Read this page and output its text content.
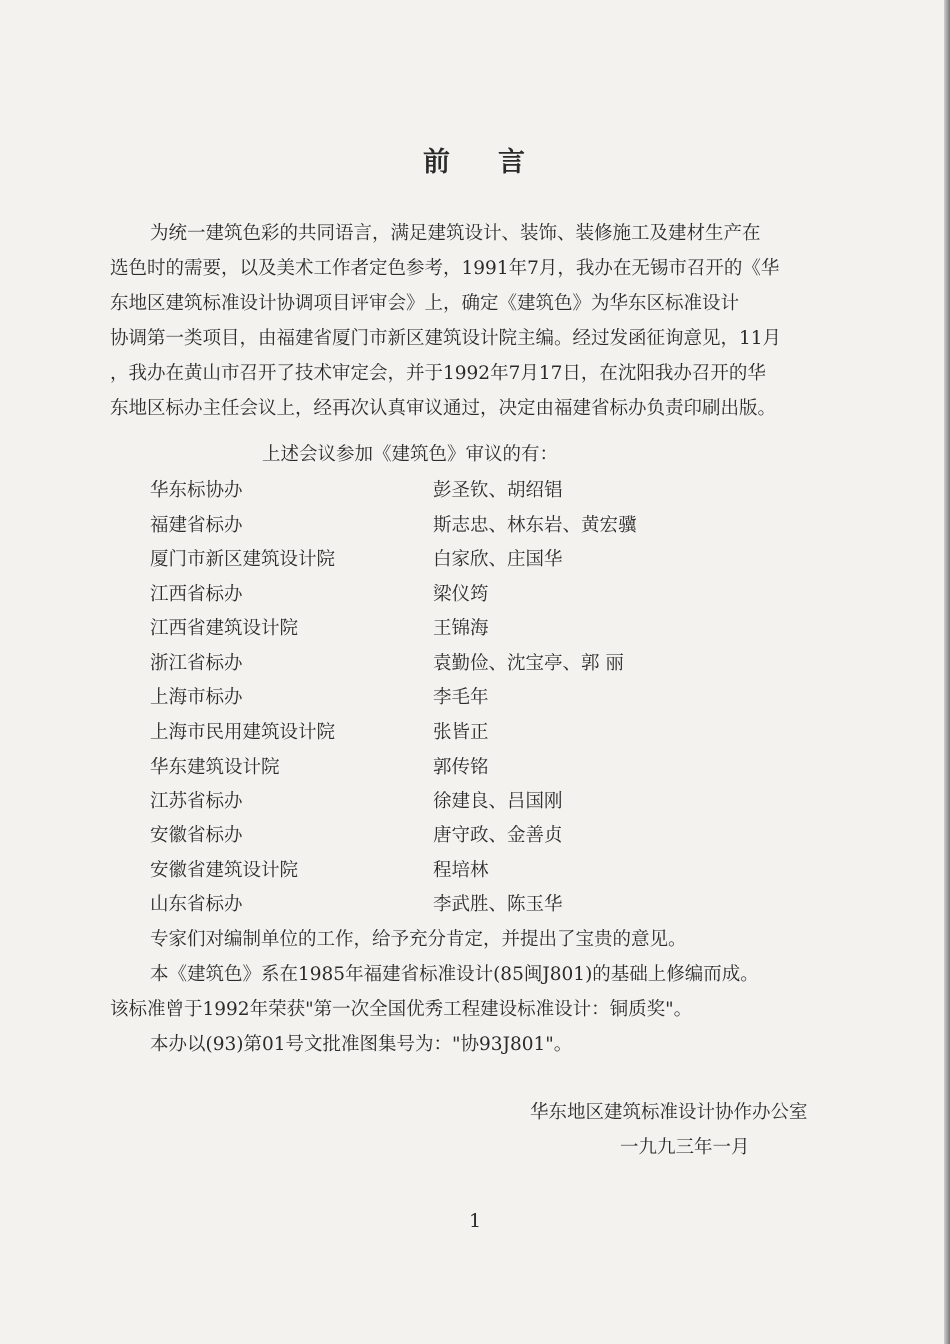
前 言
为统一建筑色彩的共同语言，满足建筑设计、装饰、装修施工及建材生产在
选色时的需要，以及美术工作者定色参考，1991年7月，我办在无锡市召开的《华
东地区建筑标准设计协调项目评审会》上，确定《建筑色》为华东区标准设计
协调第一类项目，由福建省厦门市新区建筑设计院主编。经过发函征询意见，11月
，我办在黄山市召开了技术审定会，并于1992年7月17日，在沈阳我办召开的华
东地区标办主任会议上，经再次认真审议通过，决定由福建省标办负责印刷出版。
上述会议参加《建筑色》审议的有：
华东标协办	彭圣钦、胡绍锠
福建省标办	斯志忠、林东岩、黄宏骥
厦门市新区建筑设计院	白家欣、庄国华
江西省标办	梁仪筠
江西省建筑设计院	王锦海
浙江省标办	袁勤俭、沈宝亭、郭 丽
上海市标办	李毛年
上海市民用建筑设计院	张皆正
华东建筑设计院	郭传铭
江苏省标办	徐建良、吕国刚
安徽省标办	唐守政、金善贞
安徽省建筑设计院	程培林
山东省标办	李武胜、陈玉华
专家们对编制单位的工作，给予充分肯定，并提出了宝贵的意见。
本《建筑色》系在1985年福建省标准设计(85闽J801)的基础上修编而成。
该标准曾于1992年荣获"第一次全国优秀工程建设标准设计：铜质奖"。
本办以(93)第01号文批准图集号为："协93J801"。
华东地区建筑标准设计协作办公室
一九九三年一月
1
